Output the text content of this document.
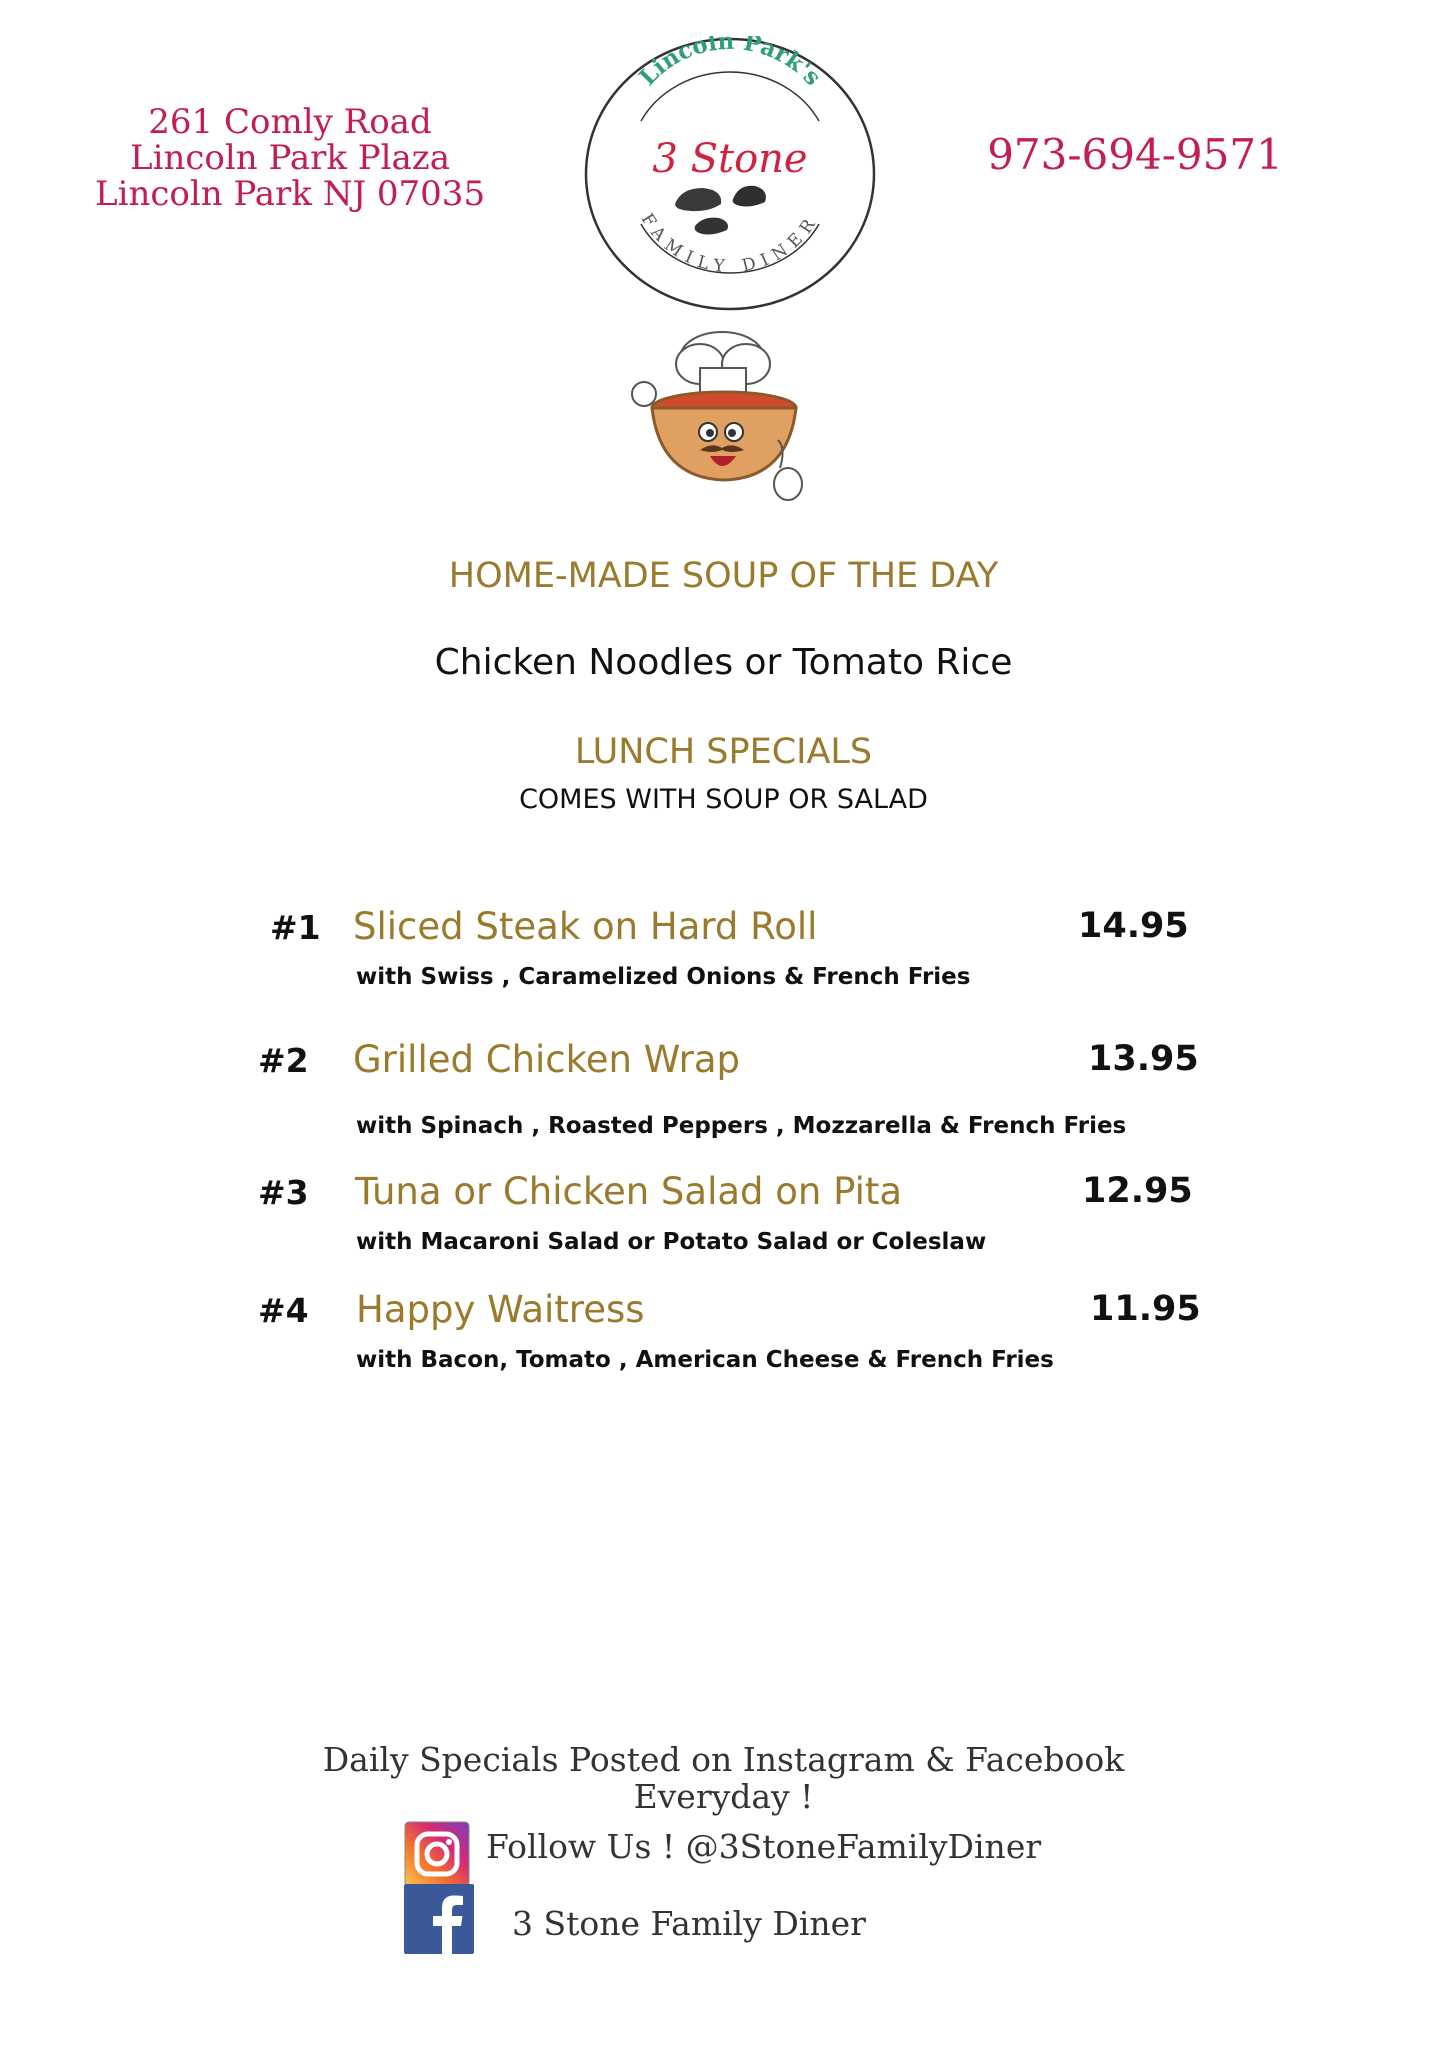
261 Comly Road
Lincoln Park Plaza
Lincoln Park NJ 07035
973-694-9571
Lincoln Park's
3 Stone
FAMILY DINER
HOME-MADE SOUP OF THE DAY
Chicken Noodles or Tomato Rice
LUNCH SPECIALS
COMES WITH SOUP OR SALAD
#1 Sliced Steak on Hard Roll	14.95
with Swiss , Caramelized Onions & French Fries
#2 Grilled Chicken Wrap	13.95
with Spinach , Roasted Peppers , Mozzarella & French Fries
#3 Tuna or Chicken Salad on Pita	12.95
with Macaroni Salad or Potato Salad or Coleslaw
#4 Happy Waitress	11.95
with Bacon, Tomato , American Cheese & French Fries
Daily Specials Posted on Instagram & Facebook
Everyday !
Follow Us ! @3StoneFamilyDiner
3 Stone Family Diner
